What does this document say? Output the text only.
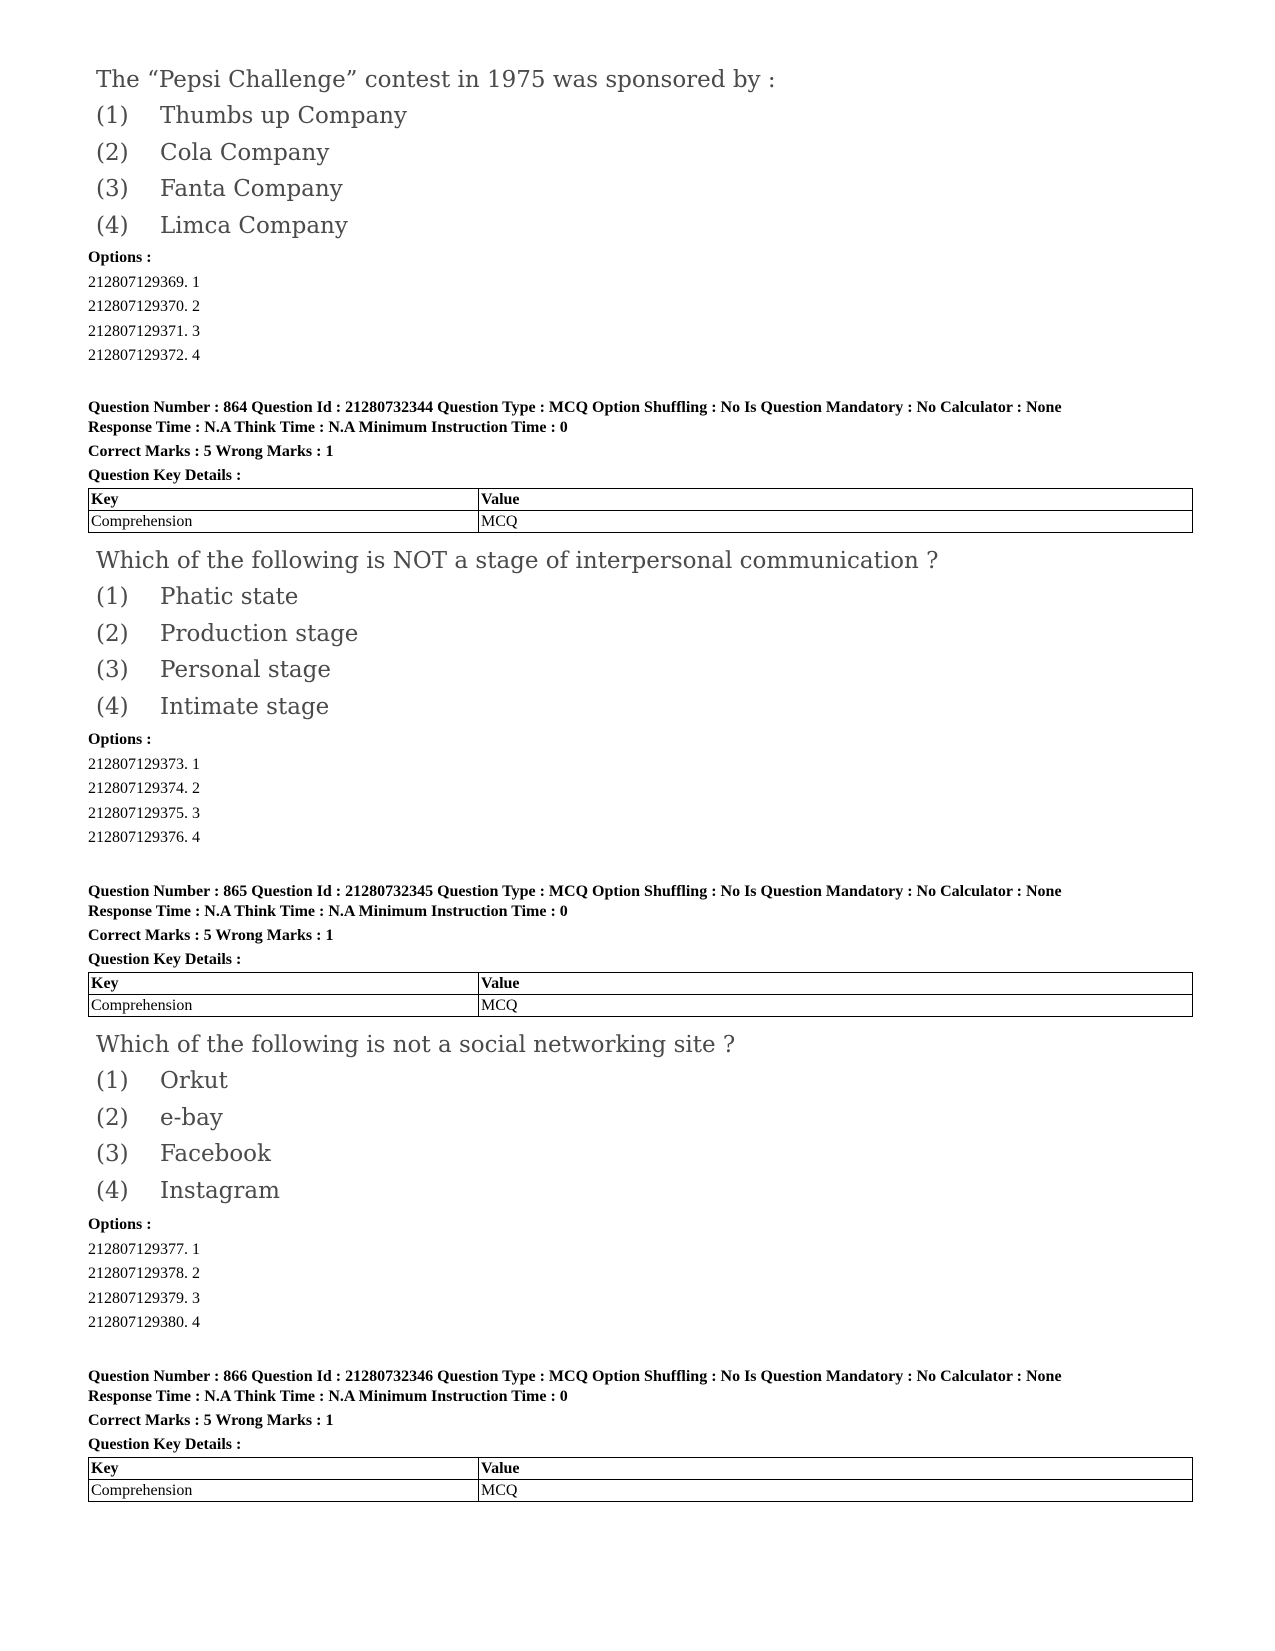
The “Pepsi Challenge” contest in 1975 was sponsored by :
(1)	Thumbs up Company
(2)	Cola Company
(3)	Fanta Company
(4)	Limca Company
Options :
212807129369. 1
212807129370. 2
212807129371. 3
212807129372. 4
Question Number : 864 Question Id : 21280732344 Question Type : MCQ Option Shuffling : No Is Question Mandatory : No Calculator : None
Response Time : N.A Think Time : N.A Minimum Instruction Time : 0
Correct Marks : 5 Wrong Marks : 1
Question Key Details :
Key	Value
Comprehension	MCQ
Which of the following is NOT a stage of interpersonal communication ?
(1)	Phatic state
(2)	Production stage
(3)	Personal stage
(4)	Intimate stage
Options :
212807129373. 1
212807129374. 2
212807129375. 3
212807129376. 4
Question Number : 865 Question Id : 21280732345 Question Type : MCQ Option Shuffling : No Is Question Mandatory : No Calculator : None
Response Time : N.A Think Time : N.A Minimum Instruction Time : 0
Correct Marks : 5 Wrong Marks : 1
Question Key Details :
Key	Value
Comprehension	MCQ
Which of the following is not a social networking site ?
(1)	Orkut
(2)	e-bay
(3)	Facebook
(4)	Instagram
Options :
212807129377. 1
212807129378. 2
212807129379. 3
212807129380. 4
Question Number : 866 Question Id : 21280732346 Question Type : MCQ Option Shuffling : No Is Question Mandatory : No Calculator : None
Response Time : N.A Think Time : N.A Minimum Instruction Time : 0
Correct Marks : 5 Wrong Marks : 1
Question Key Details :
Key	Value
Comprehension	MCQ
